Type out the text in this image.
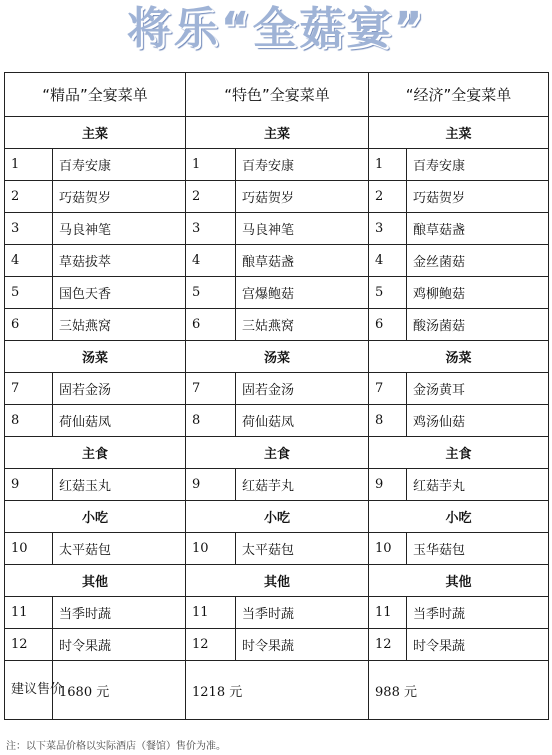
将乐“全菇宴”
“精品”全宴菜单		“特色”全宴菜单		“经济”全宴菜单	
主菜		主菜		主菜	
1	百寿安康	1	百寿安康	1	百寿安康
2	巧菇贺岁	2	巧菇贺岁	2	巧菇贺岁
3	马良神笔	3	马良神笔	3	酿草菇盏
4	草菇拔萃	4	酿草菇盏	4	金丝菌菇
5	国色天香	5	宫爆鲍菇	5	鸡柳鲍菇
6	三姑燕窝	6	三姑燕窝	6	酸汤菌菇
汤菜		汤菜		汤菜	
7	固若金汤	7	固若金汤	7	金汤黄耳
8	荷仙菇凤	8	荷仙菇凤	8	鸡汤仙菇
主食		主食		主食	
9	红菇玉丸	9	红菇芋丸	9	红菇芋丸
小吃		小吃		小吃	
10	太平菇包	10	太平菇包	10	玉华菇包
其他		其他		其他	
11	当季时蔬	11	当季时蔬	11	当季时蔬
12	时令果蔬	12	时令果蔬	12	时令果蔬
建议售价	1680 元	1218 元		988 元	
注：以下菜品价格以实际酒店（餐馆）售价为准。
